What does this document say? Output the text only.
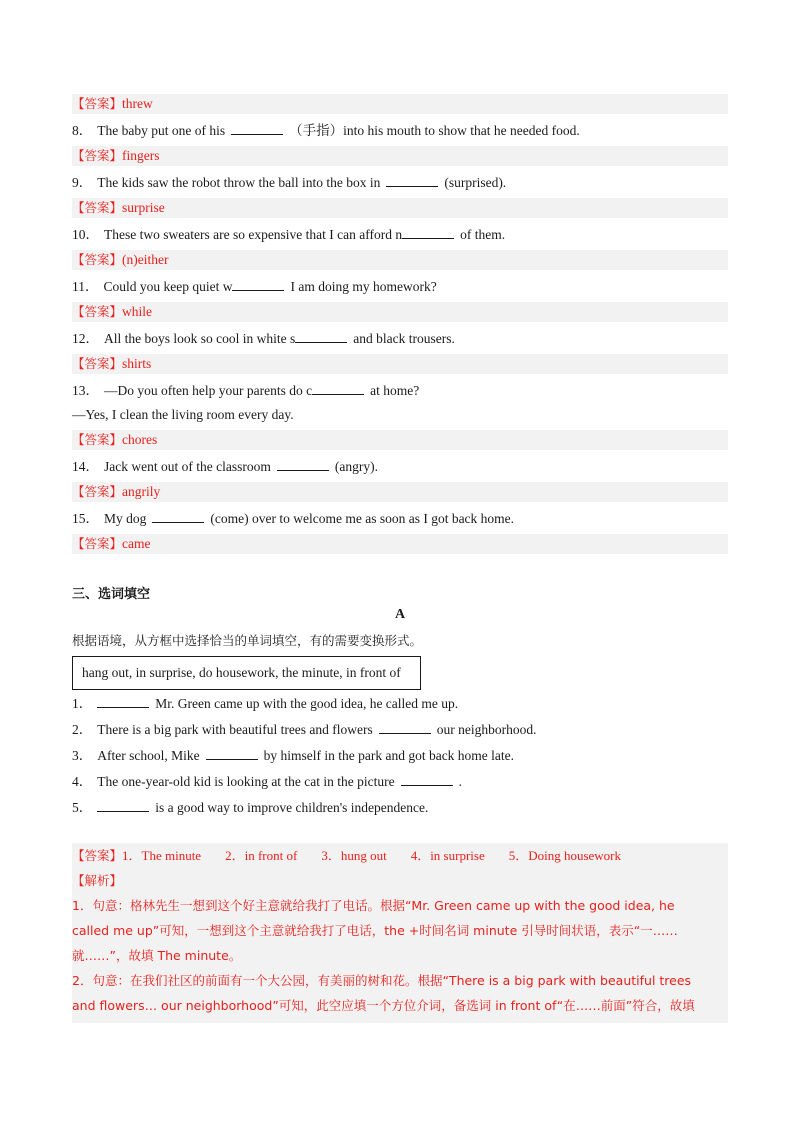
【答案】threw
8． The baby put one of his	（手指）into his mouth to show that he needed food.
【答案】fingers
9． The kids saw the robot throw the ball into the box in	(surprised).
【答案】surprise
10． These two sweaters are so expensive that I can afford n	of them.
【答案】(n)either
11． Could you keep quiet w	I am doing my homework?
【答案】while
12． All the boys look so cool in white s	and black trousers.
【答案】shirts
13． —Do you often help your parents do c	at home?
—Yes, I clean the living room every day.
【答案】chores
14． Jack went out of the classroom	(angry).
【答案】angrily
15． My dog	(come) over to welcome me as soon as I got back home.
【答案】came
三、选词填空
A
根据语境，从方框中选择恰当的单词填空，有的需要变换形式。
hang out, in surprise, do housework, the minute, in front of
1．	Mr. Green came up with the good idea, he called me up.
2． There is a big park with beautiful trees and flowers	our neighborhood.
3． After school, Mike	by himself in the park and got back home late.
4． The one-year-old kid is looking at the cat in the picture	.
5．	is a good way to improve children's independence.
【答案】1．The minute 2．in front of 3．hung out 4．in surprise 5．Doing housework
【解析】
1．句意：格林先生一想到这个好主意就给我打了电话。根据“Mr. Green came up with the good idea, he
called me up”可知，一想到这个主意就给我打了电话，the +时间名词 minute 引导时间状语，表示“一……
就……”，故填 The minute。
2．句意：在我们社区的前面有一个大公园，有美丽的树和花。根据“There is a big park with beautiful trees
and flowers… our neighborhood”可知，此空应填一个方位介词，备选词 in front of“在……前面”符合，故填
